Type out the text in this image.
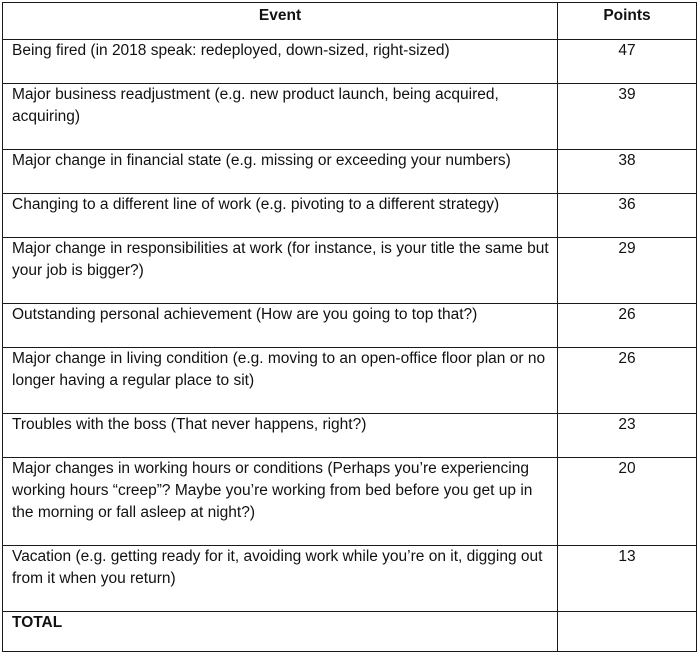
Event	Points
Being fired (in 2018 speak: redeployed, down-sized, right-sized)	47
Major business readjustment (e.g. new product launch, being acquired, acquiring)	39
Major change in financial state (e.g. missing or exceeding your numbers)	38
Changing to a different line of work (e.g. pivoting to a different strategy)	36
Major change in responsibilities at work (for instance, is your title the same but your job is bigger?)	29
Outstanding personal achievement (How are you going to top that?)	26
Major change in living condition (e.g. moving to an open-office floor plan or no longer having a regular place to sit)	26
Troubles with the boss (That never happens, right?)	23
Major changes in working hours or conditions (Perhaps you’re experiencing working hours “creep”? Maybe you’re working from bed before you get up in the morning or fall asleep at night?)	20
Vacation (e.g. getting ready for it, avoiding work while you’re on it, digging out from it when you return)	13
TOTAL	
